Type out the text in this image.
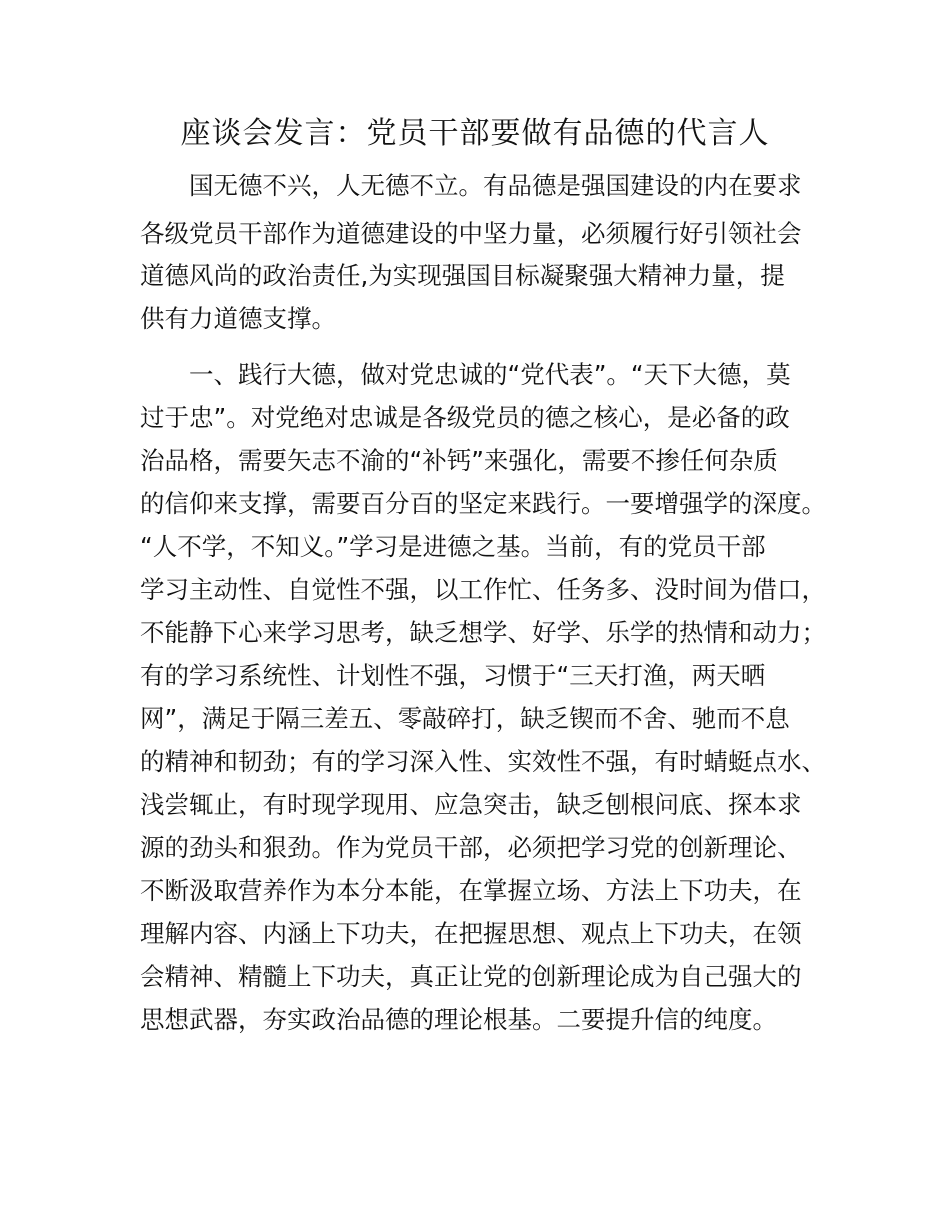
座谈会发言：党员干部要做有品德的代言人

　　国无德不兴，人无德不立。有品德是强国建设的内在要求

各级党员干部作为道德建设的中坚力量，必须履行好引领社会

道德风尚的政治责任,为实现强国目标凝聚强大精神力量，提

供有力道德支撑。

　　一、践行大德，做对党忠诚的“党代表”。“天下大德，莫

过于忠”。对党绝对忠诚是各级党员的德之核心，是必备的政

治品格，需要矢志不渝的“补钙”来强化，需要不掺任何杂质

的信仰来支撑，需要百分百的坚定来践行。一要增强学的深度。

“人不学，不知义。”学习是进德之基。当前，有的党员干部

学习主动性、自觉性不强，以工作忙、任务多、没时间为借口，

不能静下心来学习思考，缺乏想学、好学、乐学的热情和动力；

有的学习系统性、计划性不强，习惯于“三天打渔，两天晒

网”，满足于隔三差五、零敲碎打，缺乏锲而不舍、驰而不息

的精神和韧劲；有的学习深入性、实效性不强，有时蜻蜓点水、

浅尝辄止，有时现学现用、应急突击，缺乏刨根问底、探本求

源的劲头和狠劲。作为党员干部，必须把学习党的创新理论、

不断汲取营养作为本分本能，在掌握立场、方法上下功夫，在

理解内容、内涵上下功夫，在把握思想、观点上下功夫，在领

会精神、精髓上下功夫，真正让党的创新理论成为自己强大的

思想武器，夯实政治品德的理论根基。二要提升信的纯度。
